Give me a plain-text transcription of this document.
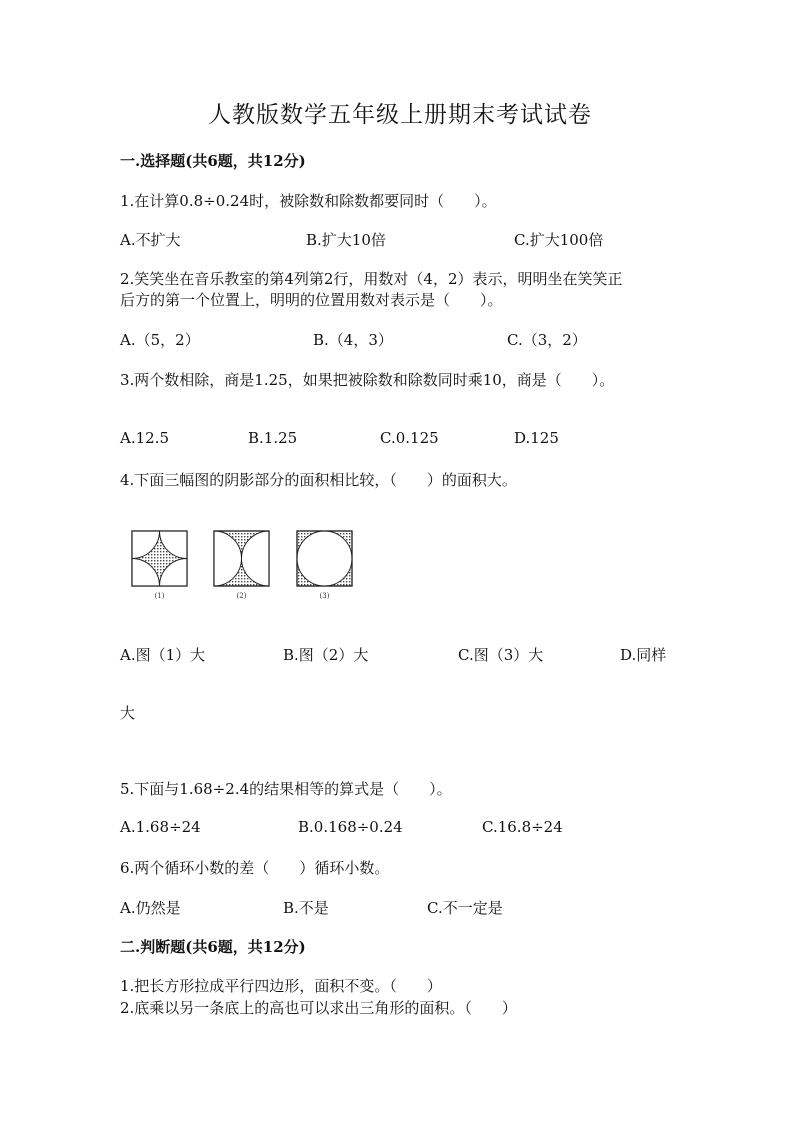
人教版数学五年级上册期末考试试卷
一.选择题(共6题，共12分)
1.在计算0.8÷0.24时，被除数和除数都要同时（　　）。
A.不扩大	B.扩大10倍	C.扩大100倍
2.笑笑坐在音乐教室的第4列第2行，用数对（4，2）表示，明明坐在笑笑正
后方的第一个位置上，明明的位置用数对表示是（　　）。
A.（5，2）	B.（4，3）	C.（3，2）
3.两个数相除，商是1.25，如果把被除数和除数同时乘10，商是（　　）。
A.12.5	B.1.25	C.0.125	D.125
4.下面三幅图的阴影部分的面积相比较，（　　）的面积大。
(1)	(2)	(3)
A.图（1）大	B.图（2）大	C.图（3）大	D.同样
大
5.下面与1.68÷2.4的结果相等的算式是（　　）。
A.1.68÷24	B.0.168÷0.24	C.16.8÷24
6.两个循环小数的差（　　）循环小数。
A.仍然是	B.不是	C.不一定是
二.判断题(共6题，共12分)
1.把长方形拉成平行四边形，面积不变。（　　）
2.底乘以另一条底上的高也可以求出三角形的面积。（　　）
